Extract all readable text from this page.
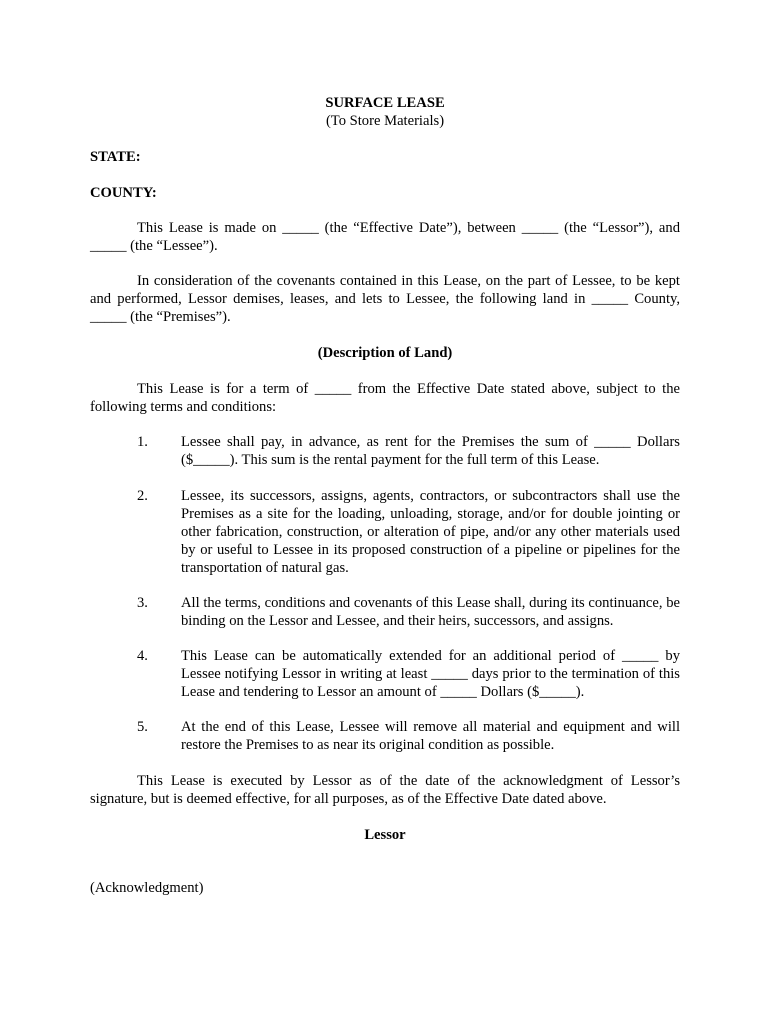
SURFACE LEASE
(To Store Materials)
STATE:
COUNTY:
This Lease is made on _____ (the “Effective Date”), between _____ (the “Lessor”), and
_____ (the “Lessee”).
In consideration of the covenants contained in this Lease, on the part of Lessee, to be kept
and performed, Lessor demises, leases, and lets to Lessee, the following land in _____ County,
_____ (the “Premises”).
(Description of Land)
This Lease is for a term of _____ from the Effective Date stated above, subject to the
following terms and conditions:
1.	Lessee shall pay, in advance, as rent for the Premises the sum of _____ Dollars ($_____). This sum is the rental payment for the full term of this Lease.
2.	Lessee, its successors, assigns, agents, contractors, or subcontractors shall use the Premises as a site for the loading, unloading, storage, and/or for double jointing or other fabrication, construction, or alteration of pipe, and/or any other materials used by or useful to Lessee in its proposed construction of a pipeline or pipelines for the transportation of natural gas.
3.	All the terms, conditions and covenants of this Lease shall, during its continuance, be binding on the Lessor and Lessee, and their heirs, successors, and assigns.
4.	This Lease can be automatically extended for an additional period of _____ by Lessee notifying Lessor in writing at least _____ days prior to the termination of this Lease and tendering to Lessor an amount of _____ Dollars ($_____).
5.	At the end of this Lease, Lessee will remove all material and equipment and will restore the Premises to as near its original condition as possible.
This Lease is executed by Lessor as of the date of the acknowledgment of Lessor’s
signature, but is deemed effective, for all purposes, as of the Effective Date dated above.
Lessor
(Acknowledgment)
